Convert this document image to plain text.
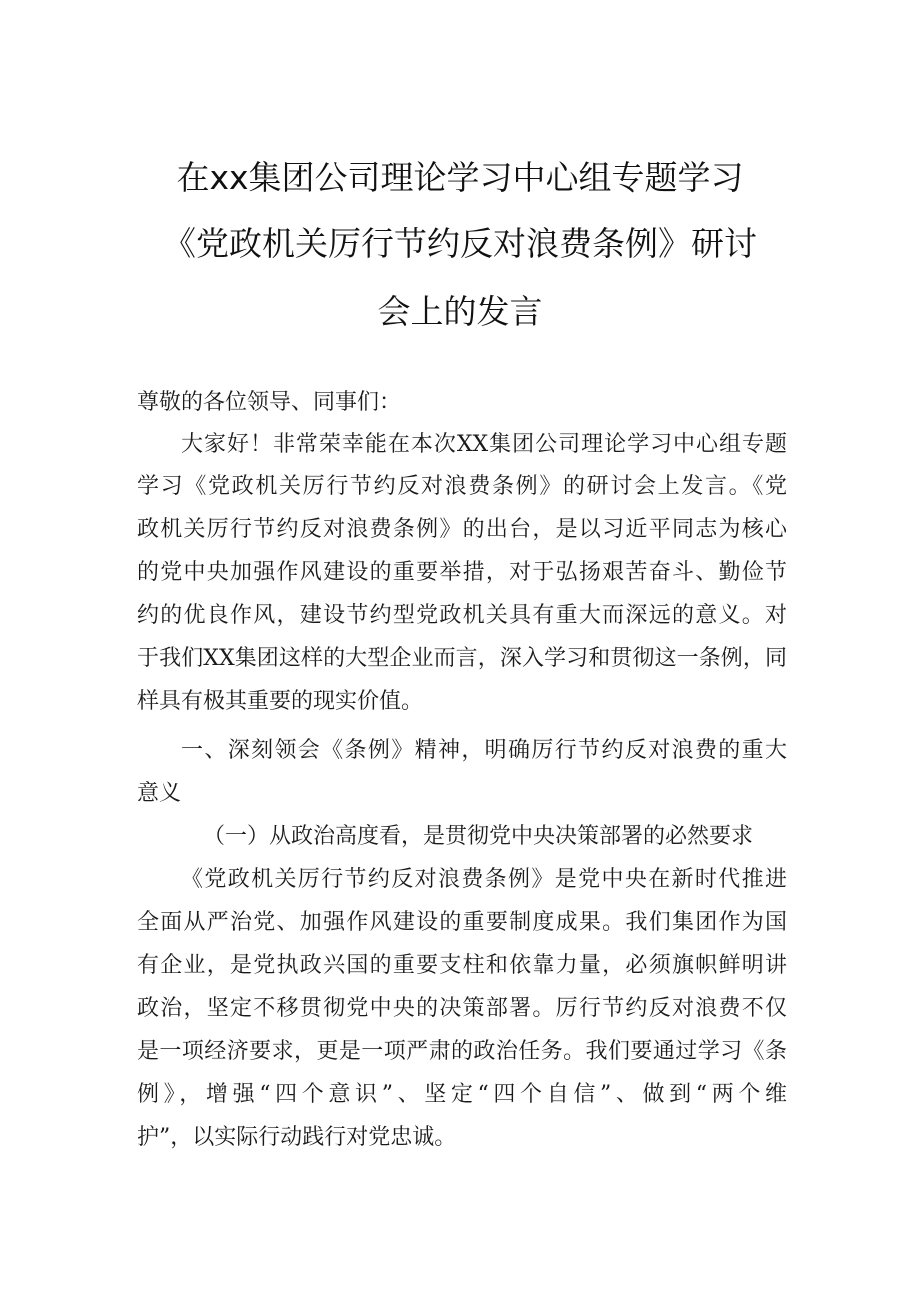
在xx集团公司理论学习中心组专题学习
《党政机关厉行节约反对浪费条例》研讨
会上的发言
尊敬的各位领导、同事们：
大家好！非常荣幸能在本次XX集团公司理论学习中心组专题
学习《党政机关厉行节约反对浪费条例》的研讨会上发言。《党
政机关厉行节约反对浪费条例》的出台，是以习近平同志为核心
的党中央加强作风建设的重要举措，对于弘扬艰苦奋斗、勤俭节
约的优良作风，建设节约型党政机关具有重大而深远的意义。对
于我们XX集团这样的大型企业而言，深入学习和贯彻这一条例，同
样具有极其重要的现实价值。
一、深刻领会《条例》精神，明确厉行节约反对浪费的重大
意义
（一）从政治高度看，是贯彻党中央决策部署的必然要求
《党政机关厉行节约反对浪费条例》是党中央在新时代推进
全面从严治党、加强作风建设的重要制度成果。我们集团作为国
有企业，是党执政兴国的重要支柱和依靠力量，必须旗帜鲜明讲
政治，坚定不移贯彻党中央的决策部署。厉行节约反对浪费不仅
是一项经济要求，更是一项严肃的政治任务。我们要通过学习《条
例》，增强“四个意识”、坚定“四个自信”、做到“两个维
护”，以实际行动践行对党忠诚。
